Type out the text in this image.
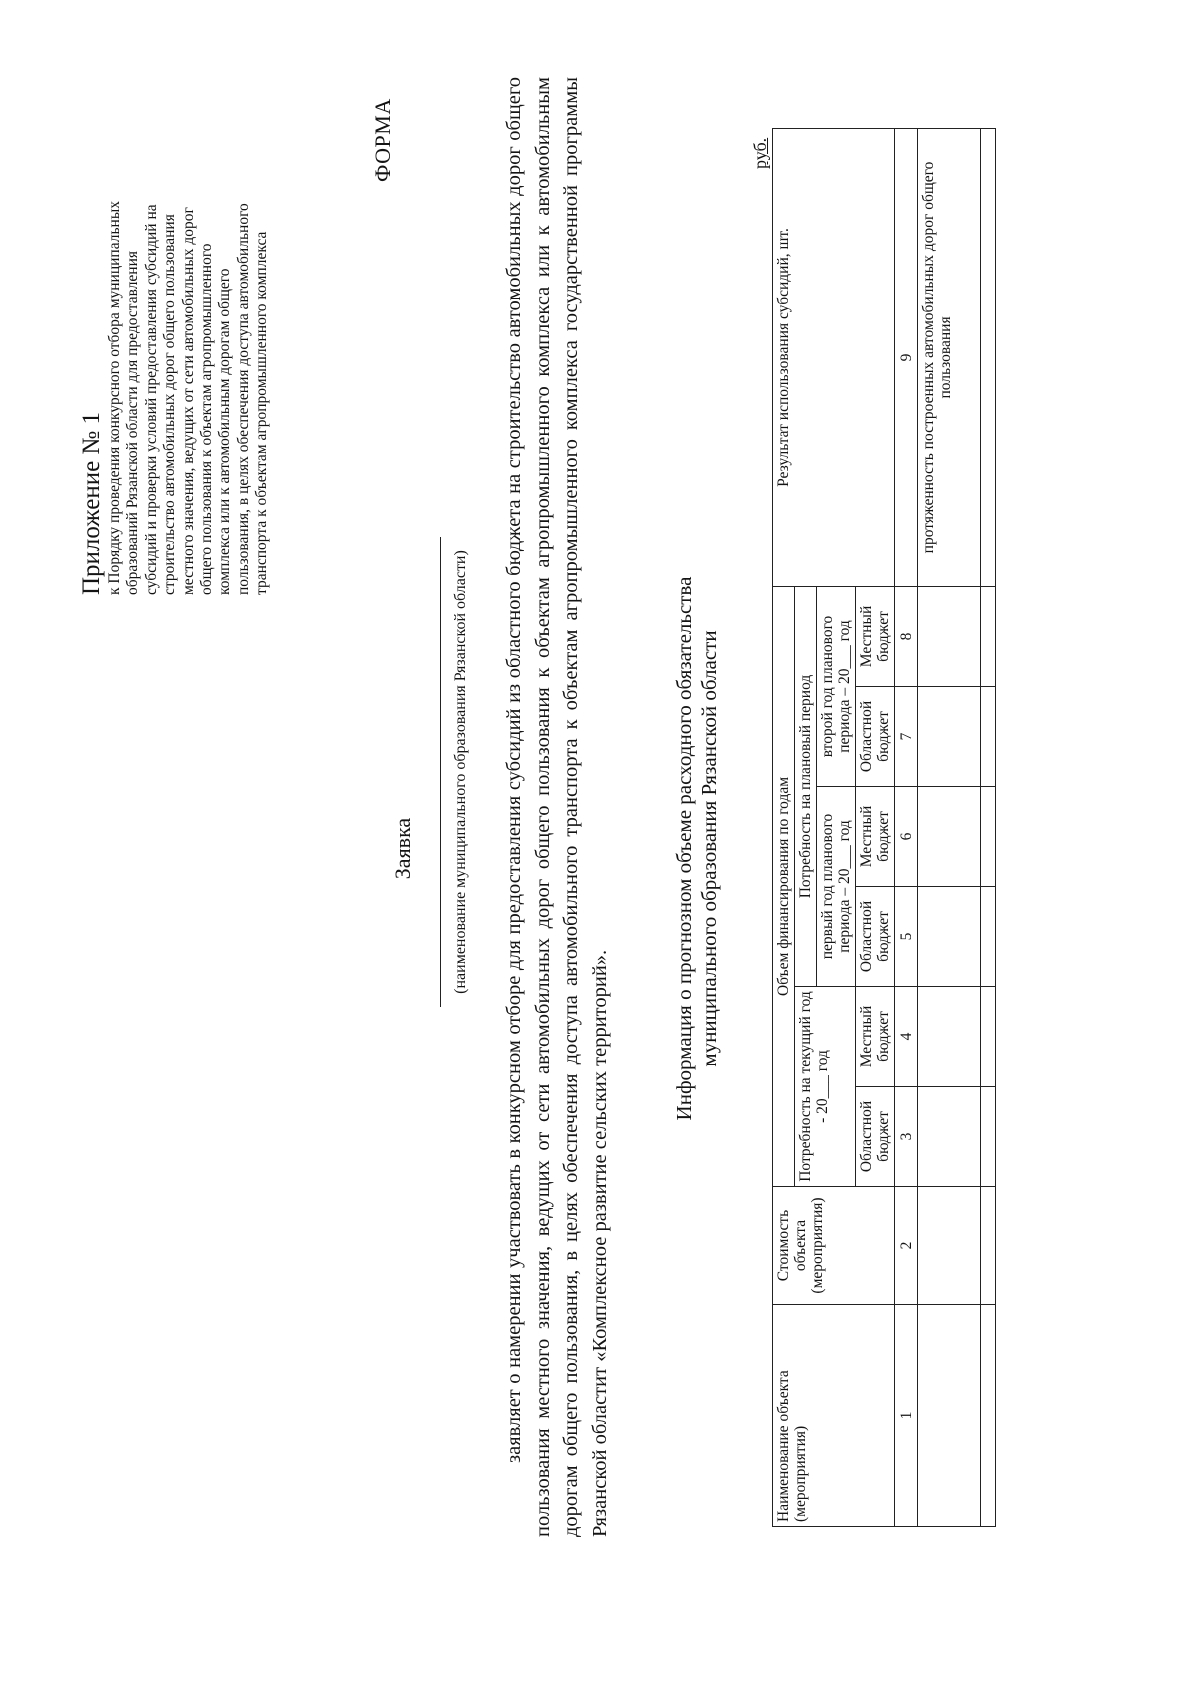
Приложение № 1 к Порядку проведения конкурсного отбора муниципальных образований Рязанской области для предоставления субсидий и проверки условий предоставления субсидий на строительство автомобильных дорог общего пользования местного значения, ведущих от сети автомобильных дорог общего пользования к объектам агропромышленного комплекса или к автомобильным дорогам общего пользования, в целях обеспечения доступа автомобильного транспорта к объектам агропромышленного комплекса
ФОРМА
Заявка (наименование муниципального образования Рязанской области) заявляет о намерении участвовать в конкурсном отборе для предоставления субсидий из областного бюджета на строительство автомобильных дорог общего пользования местного значения, ведущих от сети автомобильных дорог общего пользования к объектам агропромышленного комплекса или к автомобильным дорогам общего пользования, в целях обеспечения доступа автомобильного транспорта к объектам агропромышленного комплекса государственной программы Рязанской областит «Комплексное развитие сельских территорий».
Информация о прогнозном объеме расходного обязательства муниципального образования Рязанской области
руб.
Наименование объекта (мероприятия)	Стоимость объекта (мероприятия)	Объем финансирования по годам						Результат использования субсидий, шт.
		Потребность на текущий год - 20___ год		Потребность на плановый период				
				первый год планового периода – 20___ год		второй год планового периода – 20___ год		
		Областной бюджет	Местный бюджет	Областной бюджет	Местный бюджет	Областной бюджет	Местный бюджет	
1	2	3	4	5	6	7	8	9
								протяженность построенных автомобильных дорог общего пользования
